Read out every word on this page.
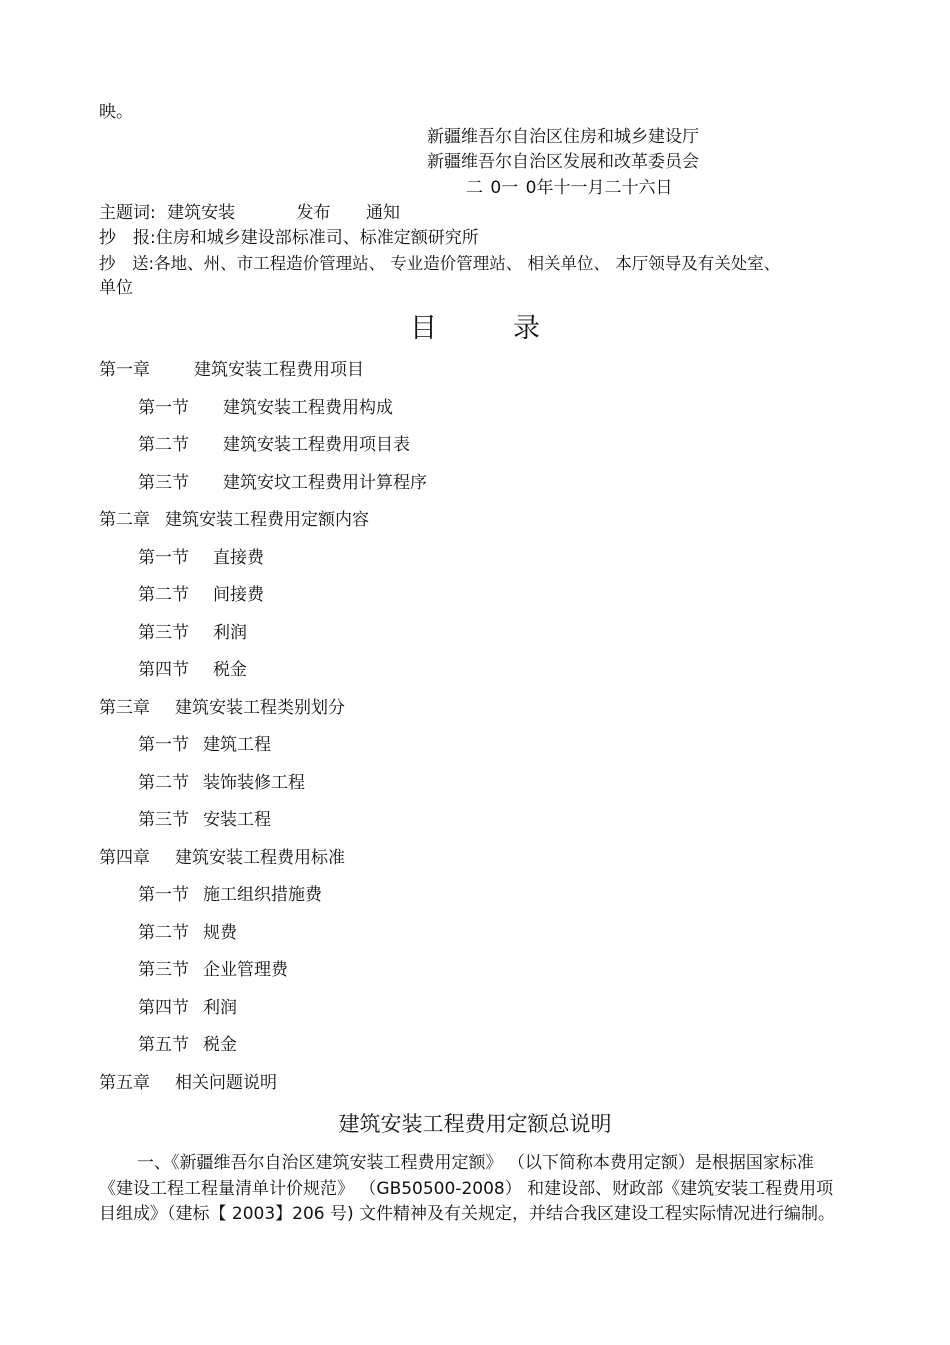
映。
新疆维吾尔自治区住房和城乡建设厅
新疆维吾尔自治区发展和改革委员会
二 0一 0年十一月二十六日
主题词: 建筑安装	发布 通知
抄　报:住房和城乡建设部标准司、标准定额研究所
抄　送:各地、州、市工程造价管理站、 专业造价管理站、 相关单位、 本厅领导及有关处室、
单位
目	录
第一章	建筑安装工程费用项目
第一节 建筑安装工程费用构成
第二节 建筑安装工程费用项目表
第三节 建筑安坟工程费用计算程序
第二章 建筑安装工程费用定额内容
第一节 直接费
第二节 间接费
第三节 利润
第四节 税金
第三章 建筑安装工程类别划分
第一节 建筑工程
第二节 装饰装修工程
第三节 安装工程
第四章 建筑安装工程费用标准
第一节 施工组织措施费
第二节 规费
第三节 企业管理费
第四节 利润
第五节 税金
第五章 相关问题说明
建筑安装工程费用定额总说明
一、《新疆维吾尔自治区建筑安装工程费用定额》 （以下简称本费用定额）是根据国家标准《建设工程工程量清单计价规范》 （GB50500-2008） 和建设部、财政部《建筑安装工程费用项目组成》（建标【 2003】206 号) 文件精神及有关规定，并结合我区建设工程实际情况进行编制。
